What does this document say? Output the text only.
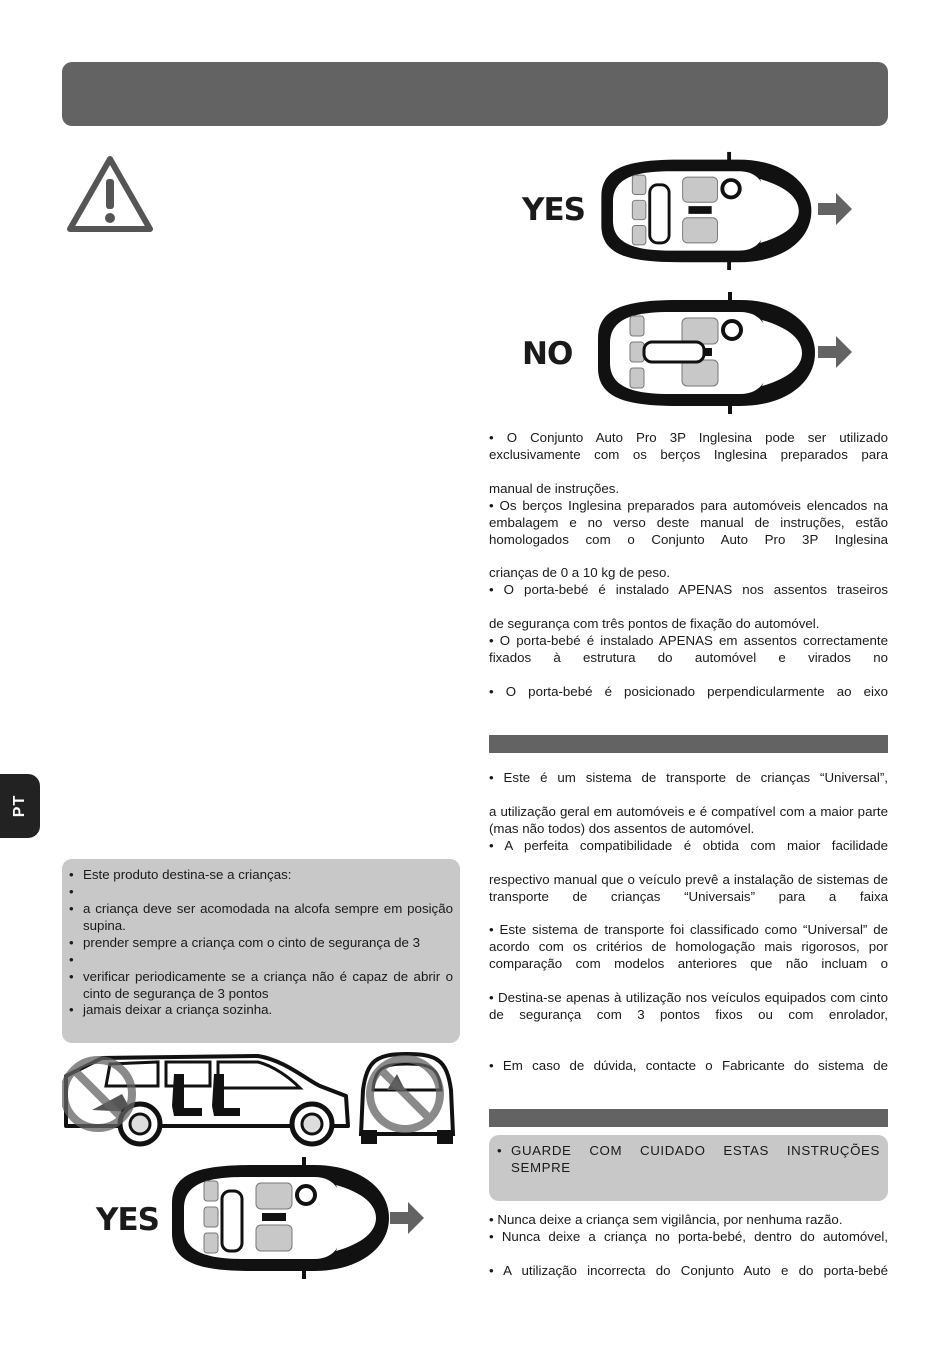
PT
YES
NO

• O Conjunto Auto Pro 3P Inglesina pode ser utilizado exclusivamente com os berços Inglesina preparados para

manual de instruções.

• Os berços Inglesina preparados para automóveis elencados na embalagem e no verso deste manual de instruções, estão homologados com o Conjunto Auto Pro 3P Inglesina

crianças de 0 a 10 kg de peso.

• O porta-bebé é instalado APENAS nos assentos traseiros

de segurança com três pontos de fixação do automóvel.

• O porta-bebé é instalado APENAS em assentos correctamente fixados à estrutura do automóvel e virados no

• O porta-bebé é posicionado perpendicularmente ao eixo

• Este é um sistema de transporte de crianças “Universal”,

a utilização geral em automóveis e é compatível com a maior parte (mas não todos) dos assentos de automóvel.

• A perfeita compatibilidade é obtida com maior facilidade

respectivo manual que o veículo prevê a instalação de sistemas de transporte de crianças “Universais” para a faixa

• Este sistema de transporte foi classificado como “Universal” de acordo com os critérios de homologação mais rigorosos, por comparação com modelos anteriores que não incluam o

• Destina-se apenas à utilização nos veículos equipados com cinto de segurança com 3 pontos fixos ou com enrolador,

• Em caso de dúvida, contacte o Fabricante do sistema de

• GUARDE COM CUIDADO ESTAS INSTRUÇÕES SEMPRE

• Nunca deixe a criança sem vigilância, por nenhuma razão.

• Nunca deixe a criança no porta-bebé, dentro do automóvel,

• A utilização incorrecta do Conjunto Auto e do porta-bebé

• Este produto destina-se a crianças:
•
• a criança deve ser acomodada na alcofa sempre em posição supina.
• prender sempre a criança com o cinto de segurança de 3
•
• verificar periodicamente se a criança não é capaz de abrir o cinto de segurança de 3 pontos
• jamais deixar a criança sozinha.
YES
